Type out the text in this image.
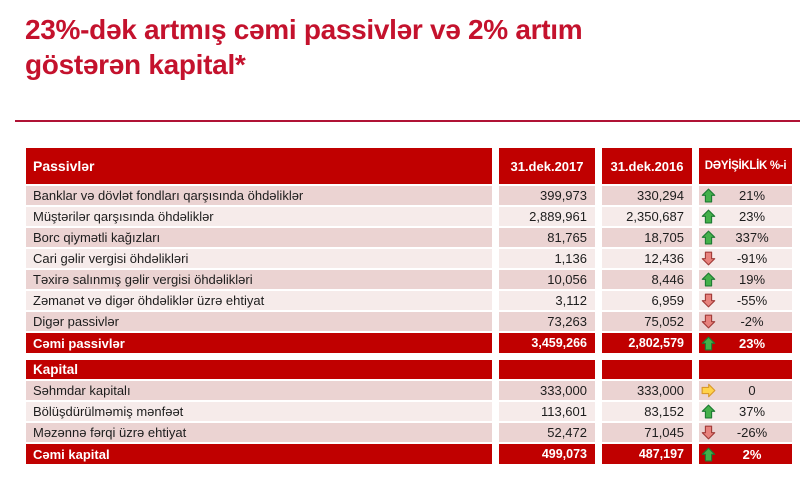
23%-dək artmış cəmi passivlər və 2% artım
göstərən kapital*
Passivlər	31.dek.2017	31.dek.2016	DƏYİŞİKLİK %-i
Banklar və dövlət fondları qarşısında öhdəliklər	399,973	330,294	21%
Müştərilər qarşısında öhdəliklər	2,889,961	2,350,687	23%
Borc qiymətli kağızları	81,765	18,705	337%
Cari gəlir vergisi öhdəlikləri	1,136	12,436	-91%
Təxirə salınmış gəlir vergisi öhdəlikləri	10,056	8,446	19%
Zəmanət və digər öhdəliklər üzrə ehtiyat	3,112	6,959	-55%
Digər passivlər	73,263	75,052	-2%
Cəmi passivlər	3,459,266	2,802,579	23%
Kapital
Səhmdar kapitalı	333,000	333,000	0
Bölüşdürülməmiş mənfəət	113,601	83,152	37%
Məzənnə fərqi üzrə ehtiyat	52,472	71,045	-26%
Cəmi kapital	499,073	487,197	2%
